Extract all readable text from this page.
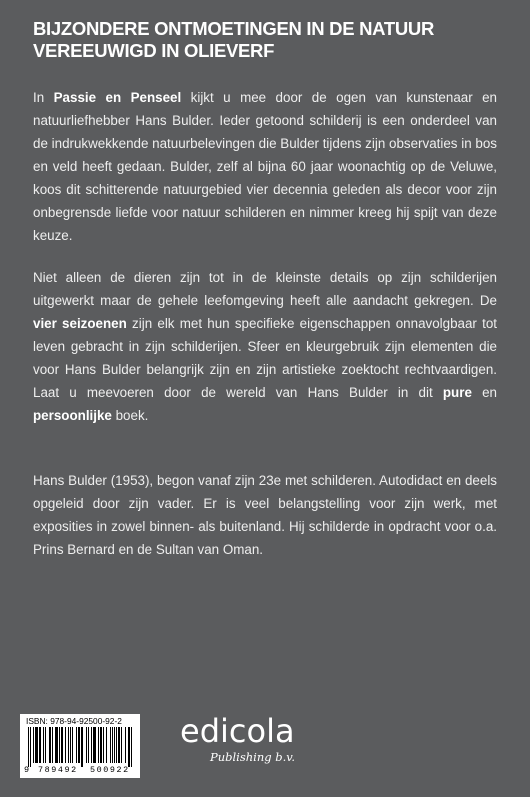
BIJZONDERE ONTMOETINGEN IN DE NATUUR
VEREEUWIGD IN OLIEVERF

In Passie en Penseel kijkt u mee door de ogen van kunstenaar en natuurliefhebber Hans Bulder. Ieder getoond schilderij is een onderdeel van de indrukwekkende natuurbelevingen die Bulder tijdens zijn observaties in bos en veld heeft gedaan. Bulder, zelf al bijna 60 jaar woonachtig op de Veluwe, koos dit schitterende natuurgebied vier decennia geleden als decor voor zijn onbegrensde liefde voor natuur schilderen en nimmer kreeg hij spijt van deze keuze.

Niet alleen de dieren zijn tot in de kleinste details op zijn schilderijen uitgewerkt maar de gehele leefomgeving heeft alle aandacht gekregen. De vier seizoenen zijn elk met hun specifieke eigenschappen onnavolgbaar tot leven gebracht in zijn schilderijen. Sfeer en kleurgebruik zijn elementen die voor Hans Bulder belangrijk zijn en zijn artistieke zoektocht rechtvaardigen. Laat u meevoeren door de wereld van Hans Bulder in dit pure en persoonlijke boek.

Hans Bulder (1953), begon vanaf zijn 23e met schilderen. Autodidact en deels opgeleid door zijn vader. Er is veel belangstelling voor zijn werk, met exposities in zowel binnen- als buitenland. Hij schilderde in opdracht voor o.a. Prins Bernard en de Sultan van Oman.

ISBN: 978-94-92500-92-2
9 789492 500922
edicola
Publishing b.v.
